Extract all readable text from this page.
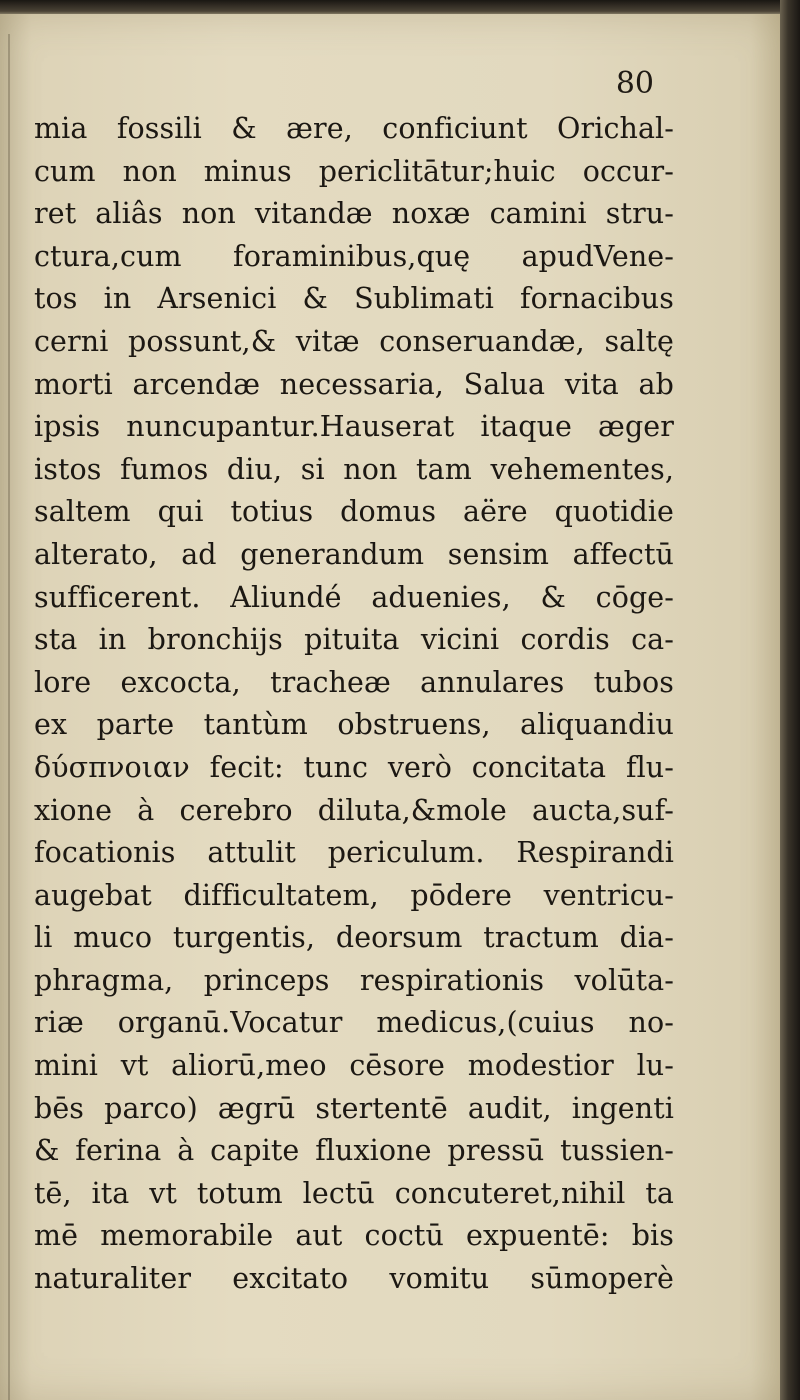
80
mia fossili & ære, conficiunt Orichal-
cum non minus periclitātur;huic occur-
ret aliâs non vitandæ noxæ camini stru-
ctura,cum foraminibus,quę apudVene-
tos in Arsenici & Sublimati fornacibus
cerni possunt,& vitæ conseruandæ, saltę
morti arcendæ necessaria, Salua vita ab
ipsis nuncupantur.Hauserat itaque æger
istos fumos diu, si non tam vehementes,
saltem qui totius domus aëre quotidie
alterato, ad generandum sensim affectū
sufficerent. Aliundé aduenies, & cōge-
sta in bronchijs pituita vicini cordis ca-
lore excocta, tracheæ annulares tubos
ex parte tantùm obstruens, aliquandiu
δύσπνοιαν fecit: tunc verò concitata flu-
xione à cerebro diluta,&mole aucta,suf-
focationis attulit periculum. Respirandi
augebat difficultatem, pōdere ventricu-
li muco turgentis, deorsum tractum dia-
phragma, princeps respirationis volūta-
riæ organū.Vocatur medicus,(cuius no-
mini vt aliorū,meo cēsore modestior lu-
bēs parco) ægrū stertentē audit, ingenti
& ferina à capite fluxione pressū tussien-
tē, ita vt totum lectū concuteret,nihil ta
mē memorabile aut coctū expuentē: bis
naturaliter excitato vomitu sūmoperè
